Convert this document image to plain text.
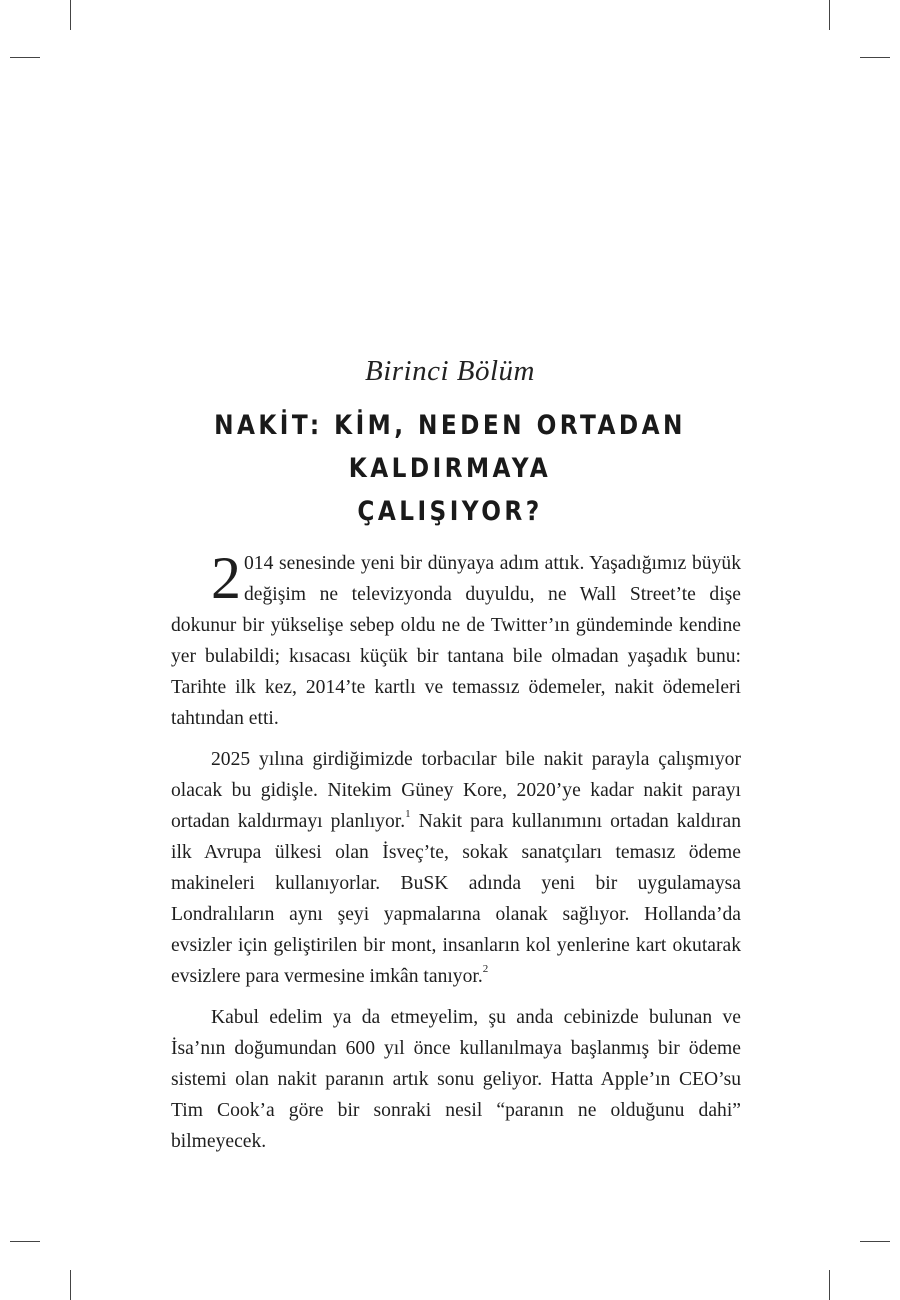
Birinci Bölüm
NAKİT: KİM, NEDEN ORTADAN KALDIRMAYA
ÇALIŞIYOR?

2 014 senesinde yeni bir dünyaya adım attık. Yaşadığımız büyük değişim ne televizyonda duyuldu, ne Wall Street’te dişe dokunur bir yükselişe sebep oldu ne de Twitter’ın gündeminde kendine yer bulabildi; kısacası küçük bir tantana bile olmadan yaşadık bunu: Tarihte ilk kez, 2014’te kartlı ve temassız ödemeler, nakit ödemeleri tahtından etti.

2025 yılına girdiğimizde torbacılar bile nakit parayla çalışmıyor olacak bu gidişle. Nitekim Güney Kore, 2020’ye kadar nakit parayı ortadan kaldırmayı planlıyor.$^1$ Nakit para kullanımını ortadan kaldıran ilk Avrupa ülkesi olan İsveç’te, sokak sanatçıları temasız ödeme makineleri kullanıyorlar. BuSK adında yeni bir uygulamaysa Londralıların aynı şeyi yapmalarına olanak sağlıyor. Hollanda’da evsizler için geliştirilen bir mont, insanların kol yenlerine kart okutarak evsizlere para vermesine imkân tanıyor.$^2$

Kabul edelim ya da etmeyelim, şu anda cebinizde bulunan ve İsa’nın doğumundan 600 yıl önce kullanılmaya başlanmış bir ödeme sistemi olan nakit paranın artık sonu geliyor. Hatta Apple’ın CEO’su Tim Cook’a göre bir sonraki nesil “paranın ne olduğunu dahi” bilmeyecek.
